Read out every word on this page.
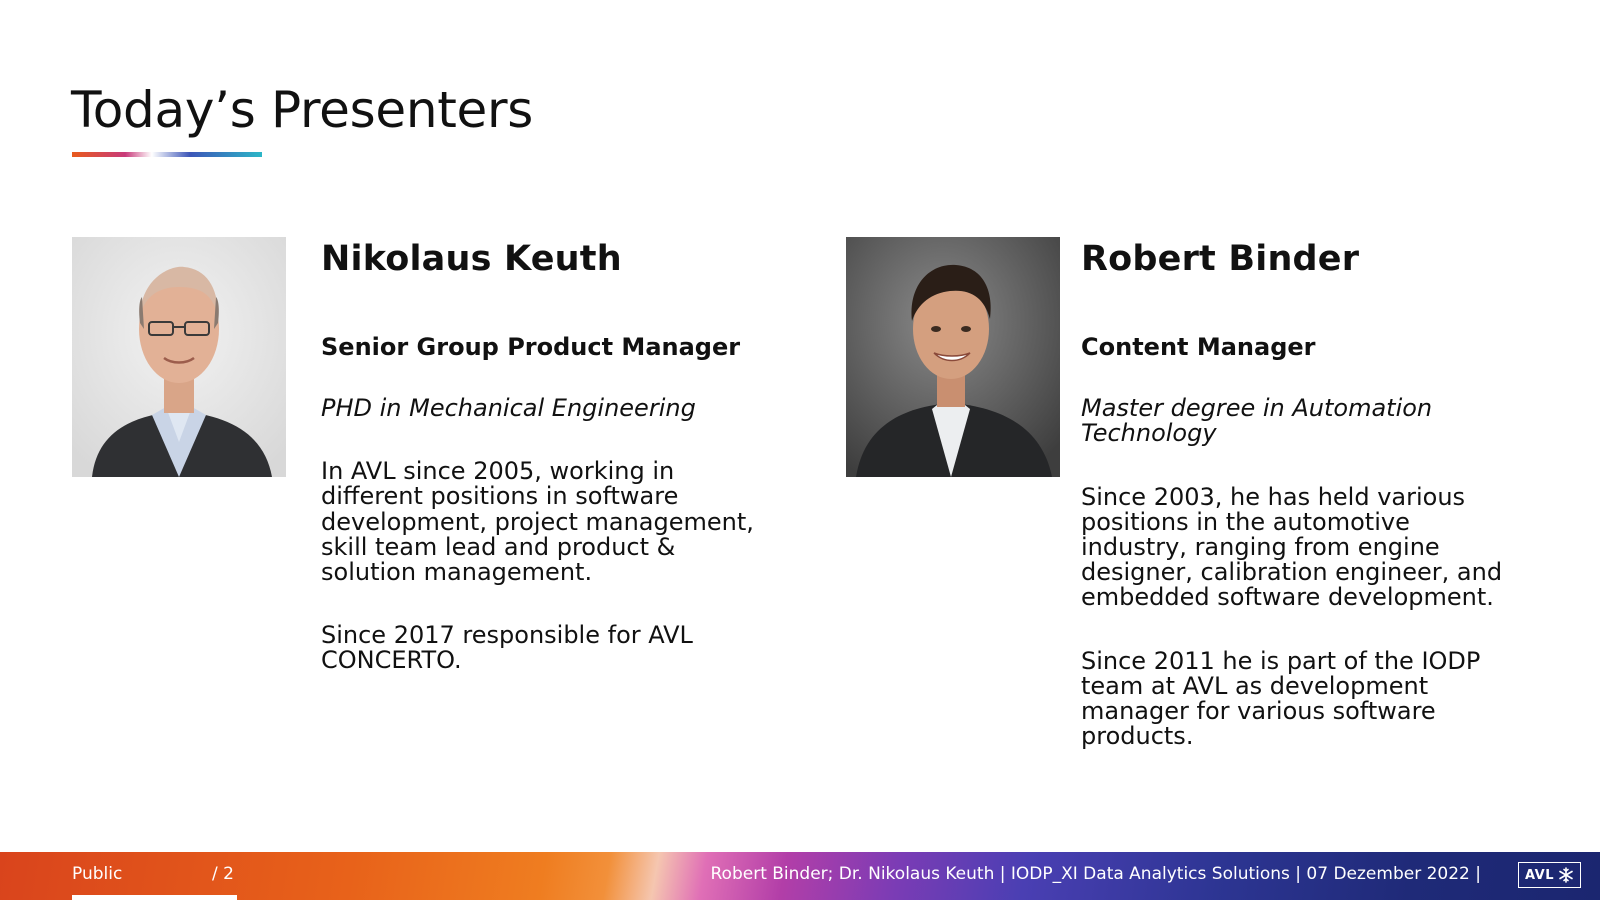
Today’s Presenters
Nikolaus Keuth

Senior Group Product Manager

PHD in Mechanical Engineering

In AVL since 2005, working in different positions in software development, project management, skill team lead and product & solution management.

Since 2017 responsible for AVL CONCERTO.

Robert Binder

Content Manager

Master degree in Automation Technology

Since 2003, he has held various positions in the automotive industry, ranging from engine designer, calibration engineer, and embedded software development.

Since 2011 he is part of the IODP team at AVL as development manager for various software products.

Public	/ 2	Robert Binder; Dr. Nikolaus Keuth | IODP_XI Data Analytics Solutions | 07 Dezember 2022 |	AVL
